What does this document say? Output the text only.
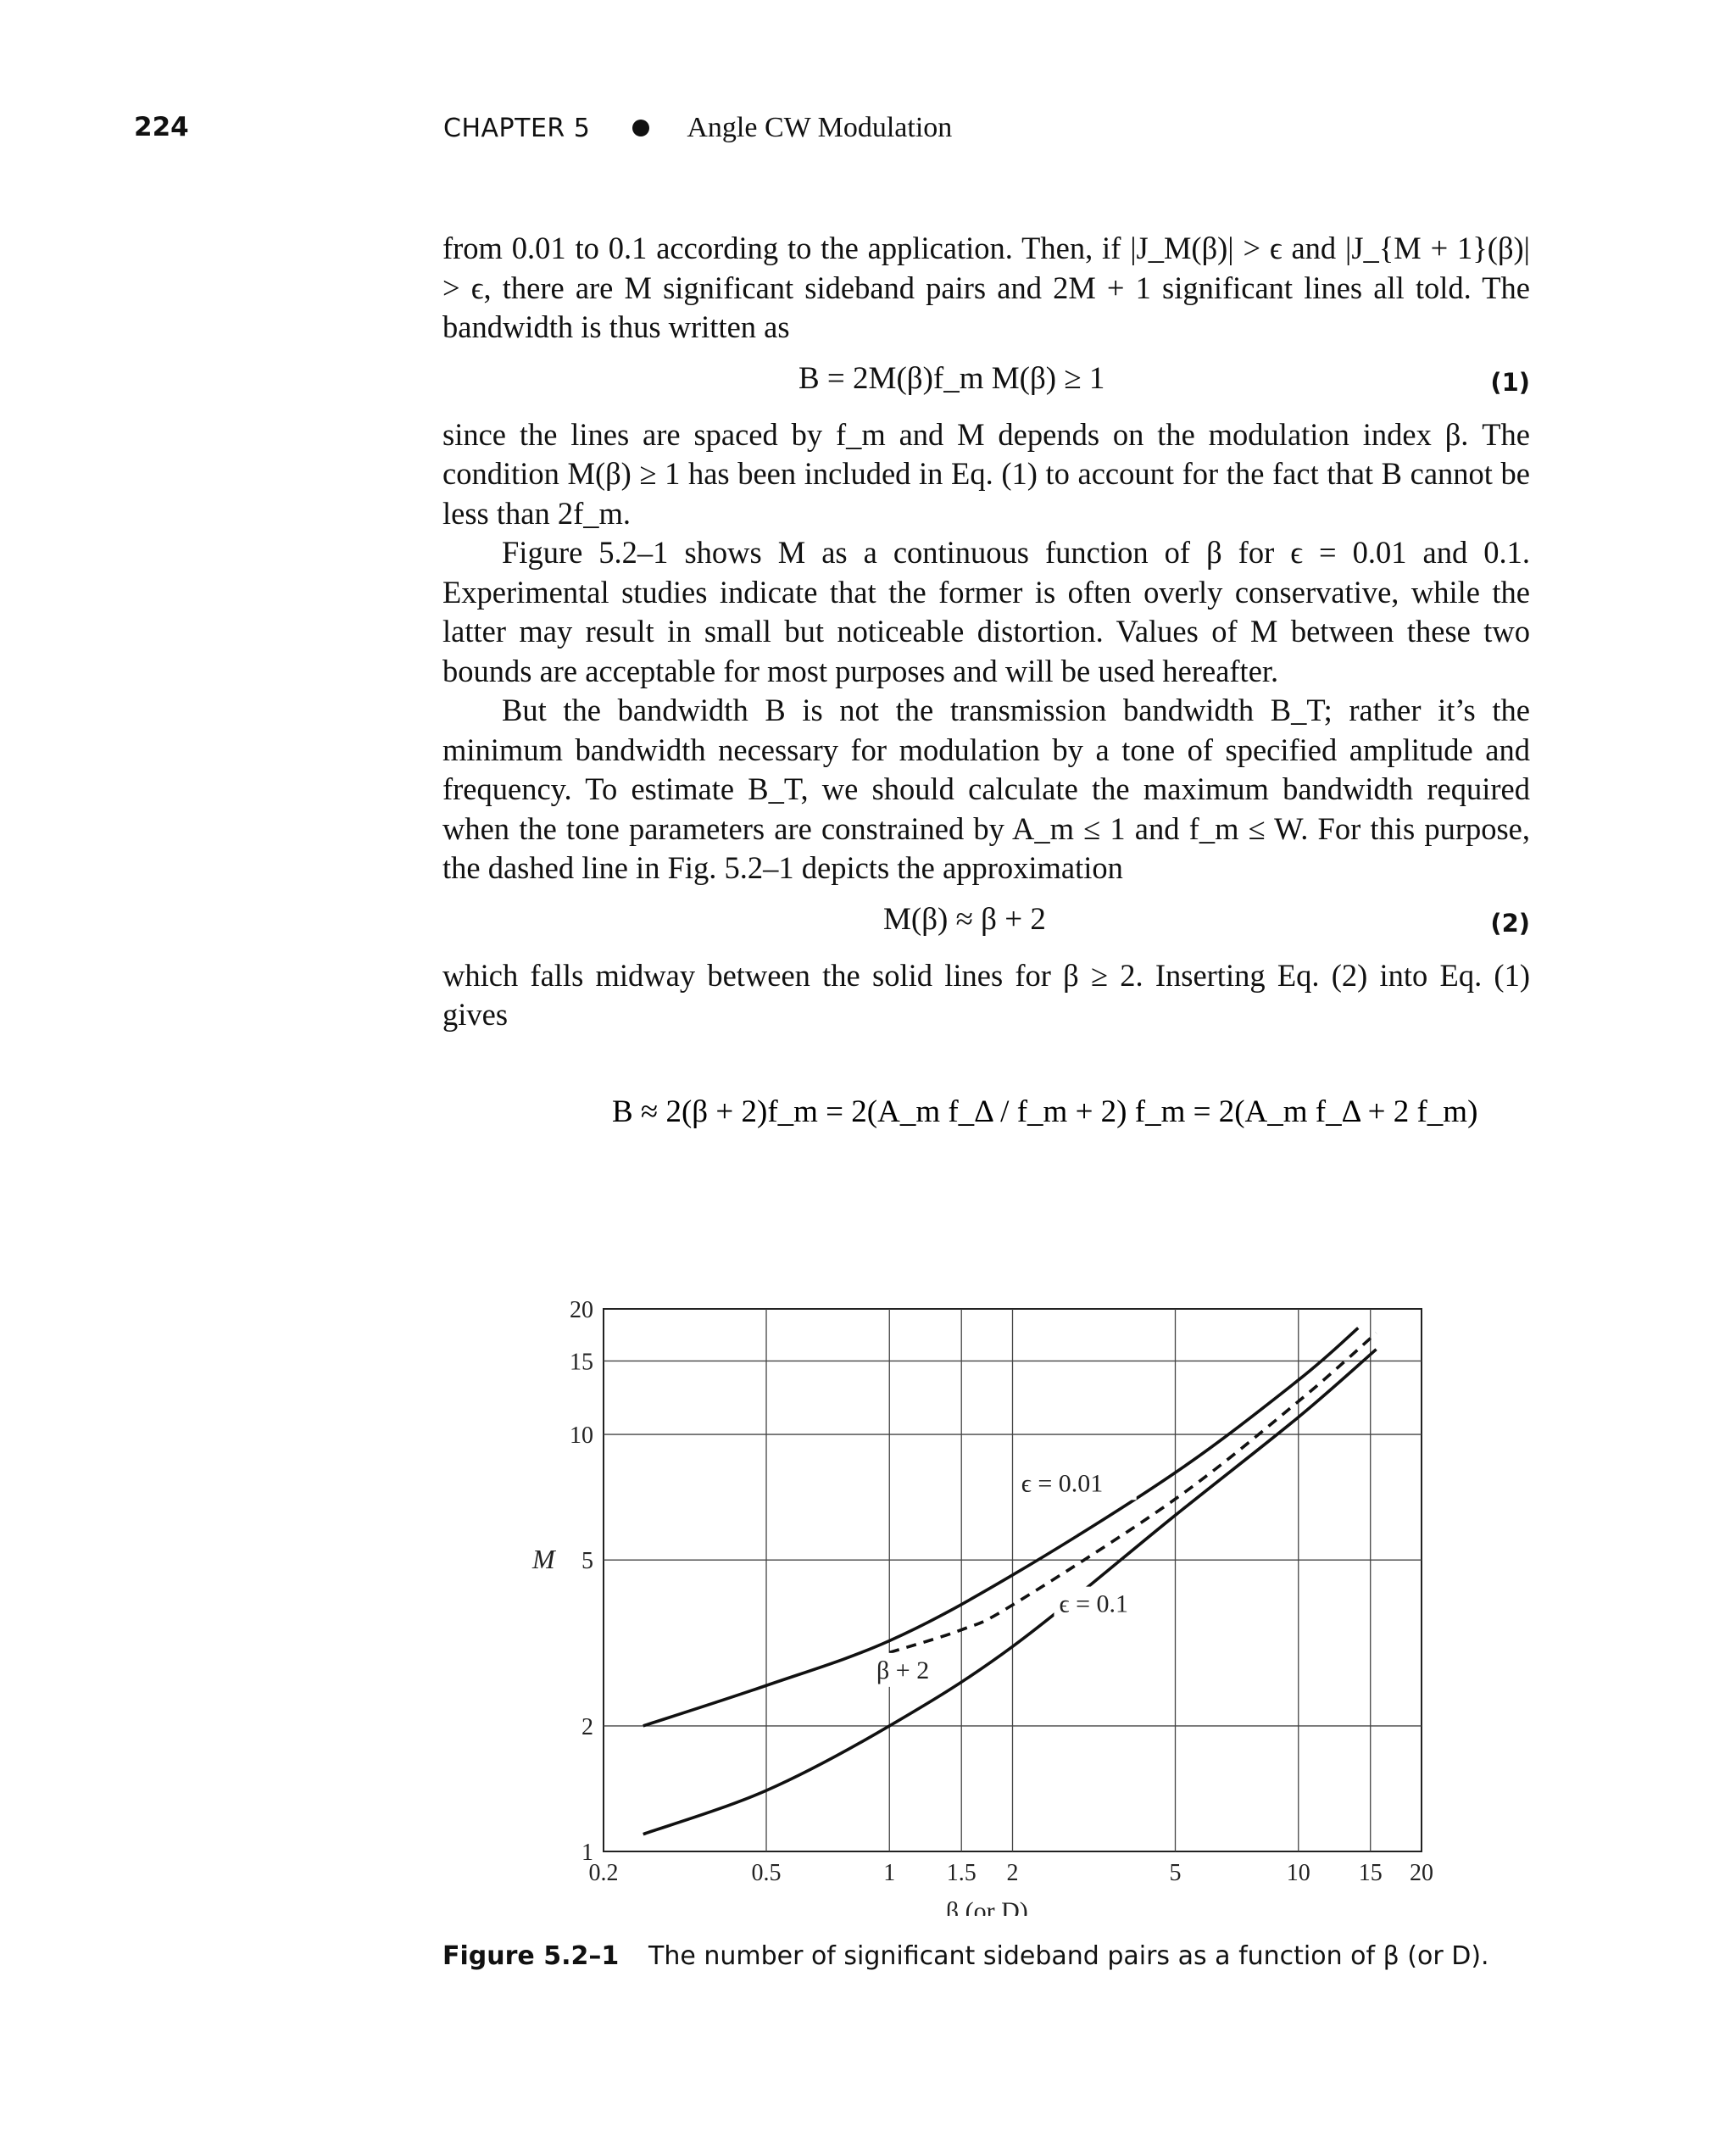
224	CHAPTER 5	Angle CW Modulation

from 0.01 to 0.1 according to the application. Then, if |J_M(β)| > ϵ and |J_{M + 1}(β)| > ϵ, there are M significant sideband pairs and 2M + 1 significant lines all told. The bandwidth is thus written as

B = 2M(β)f_m M(β) ≥ 1	(1)

since the lines are spaced by f_m and M depends on the modulation index β. The condition M(β) ≥ 1 has been included in Eq. (1) to account for the fact that B cannot be less than 2f_m.

Figure 5.2–1 shows M as a continuous function of β for ϵ = 0.01 and 0.1. Experimental studies indicate that the former is often overly conservative, while the latter may result in small but noticeable distortion. Values of M between these two bounds are acceptable for most purposes and will be used hereafter.

But the bandwidth B is not the transmission bandwidth B_T; rather it’s the minimum bandwidth necessary for modulation by a tone of specified amplitude and frequency. To estimate B_T, we should calculate the maximum bandwidth required when the tone parameters are constrained by A_m ≤ 1 and f_m ≤ W. For this purpose, the dashed line in Fig. 5.2–1 depicts the approximation

M(β) ≈ β + 2	(2)

which falls midway between the solid lines for β ≥ 2. Inserting Eq. (2) into Eq. (1) gives

B ≈ 2(β + 2)f_m = 2(A_m f_Δ / f_m + 2) f_m = 2(A_m f_Δ + 2 f_m)
0.2	0.5	1 1.5 2	5	10 15 20
1
2
5
10
15
20
β (or D)
M
ϵ = 0.01
ϵ = 0.1
β + 2
Figure 5.2–1	The number of significant sideband pairs as a function of β (or D).
